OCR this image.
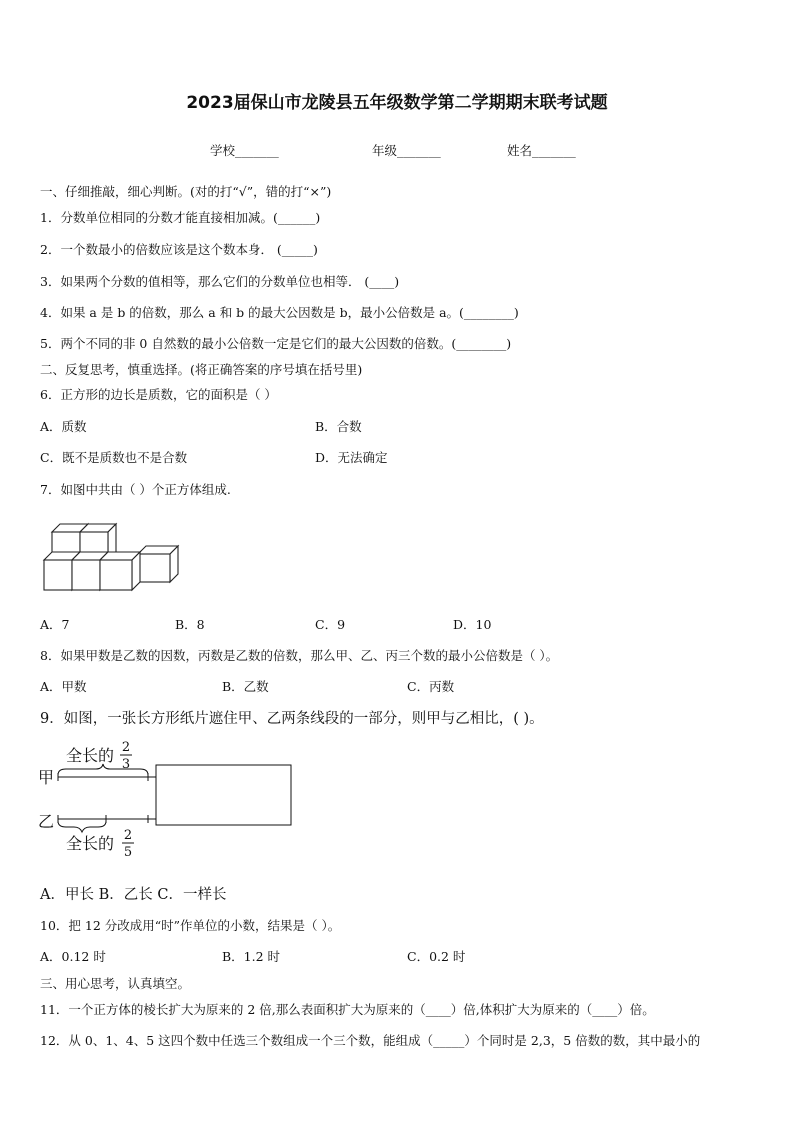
2023届保山市龙陵县五年级数学第二学期期末联考试题
学校_______	年级_______	姓名_______
一、仔细推敲，细心判断。(对的打“√”，错的打“×”)
1．分数单位相同的分数才能直接相加减。(______)
2．一个数最小的倍数应该是这个数本身． (_____)
3．如果两个分数的值相等，那么它们的分数单位也相等． (____)
4．如果 a 是 b 的倍数，那么 a 和 b 的最大公因数是 b，最小公倍数是 a。(________)
5．两个不同的非 0 自然数的最小公倍数一定是它们的最大公因数的倍数。(________)
二、反复思考，慎重选择。(将正确答案的序号填在括号里)
6．正方形的边长是质数，它的面积是（ ）
A．质数	B．合数
C．既不是质数也不是合数	D．无法确定
7．如图中共由（ ）个正方体组成.
A．7	B．8	C．9	D．10
8．如果甲数是乙数的因数，丙数是乙数的倍数，那么甲、乙、丙三个数的最小公倍数是（ ）。
A．甲数	B．乙数	C．丙数
9．如图，一张长方形纸片遮住甲、乙两条线段的一部分，则甲与乙相比，( )。
全长的 2
3
甲
乙
全长的 2
5
A．甲长 B．乙长 C．一样长
10．把 12 分改成用“时”作单位的小数，结果是（ ）。
A．0.12 时	B．1.2 时	C．0.2 时
三、用心思考，认真填空。
11．一个正方体的棱长扩大为原来的 2 倍,那么表面积扩大为原来的（____）倍,体积扩大为原来的（____）倍。
12．从 0、1、4、5 这四个数中任选三个数组成一个三个数，能组成（_____）个同时是 2,3，5 倍数的数，其中最小的
